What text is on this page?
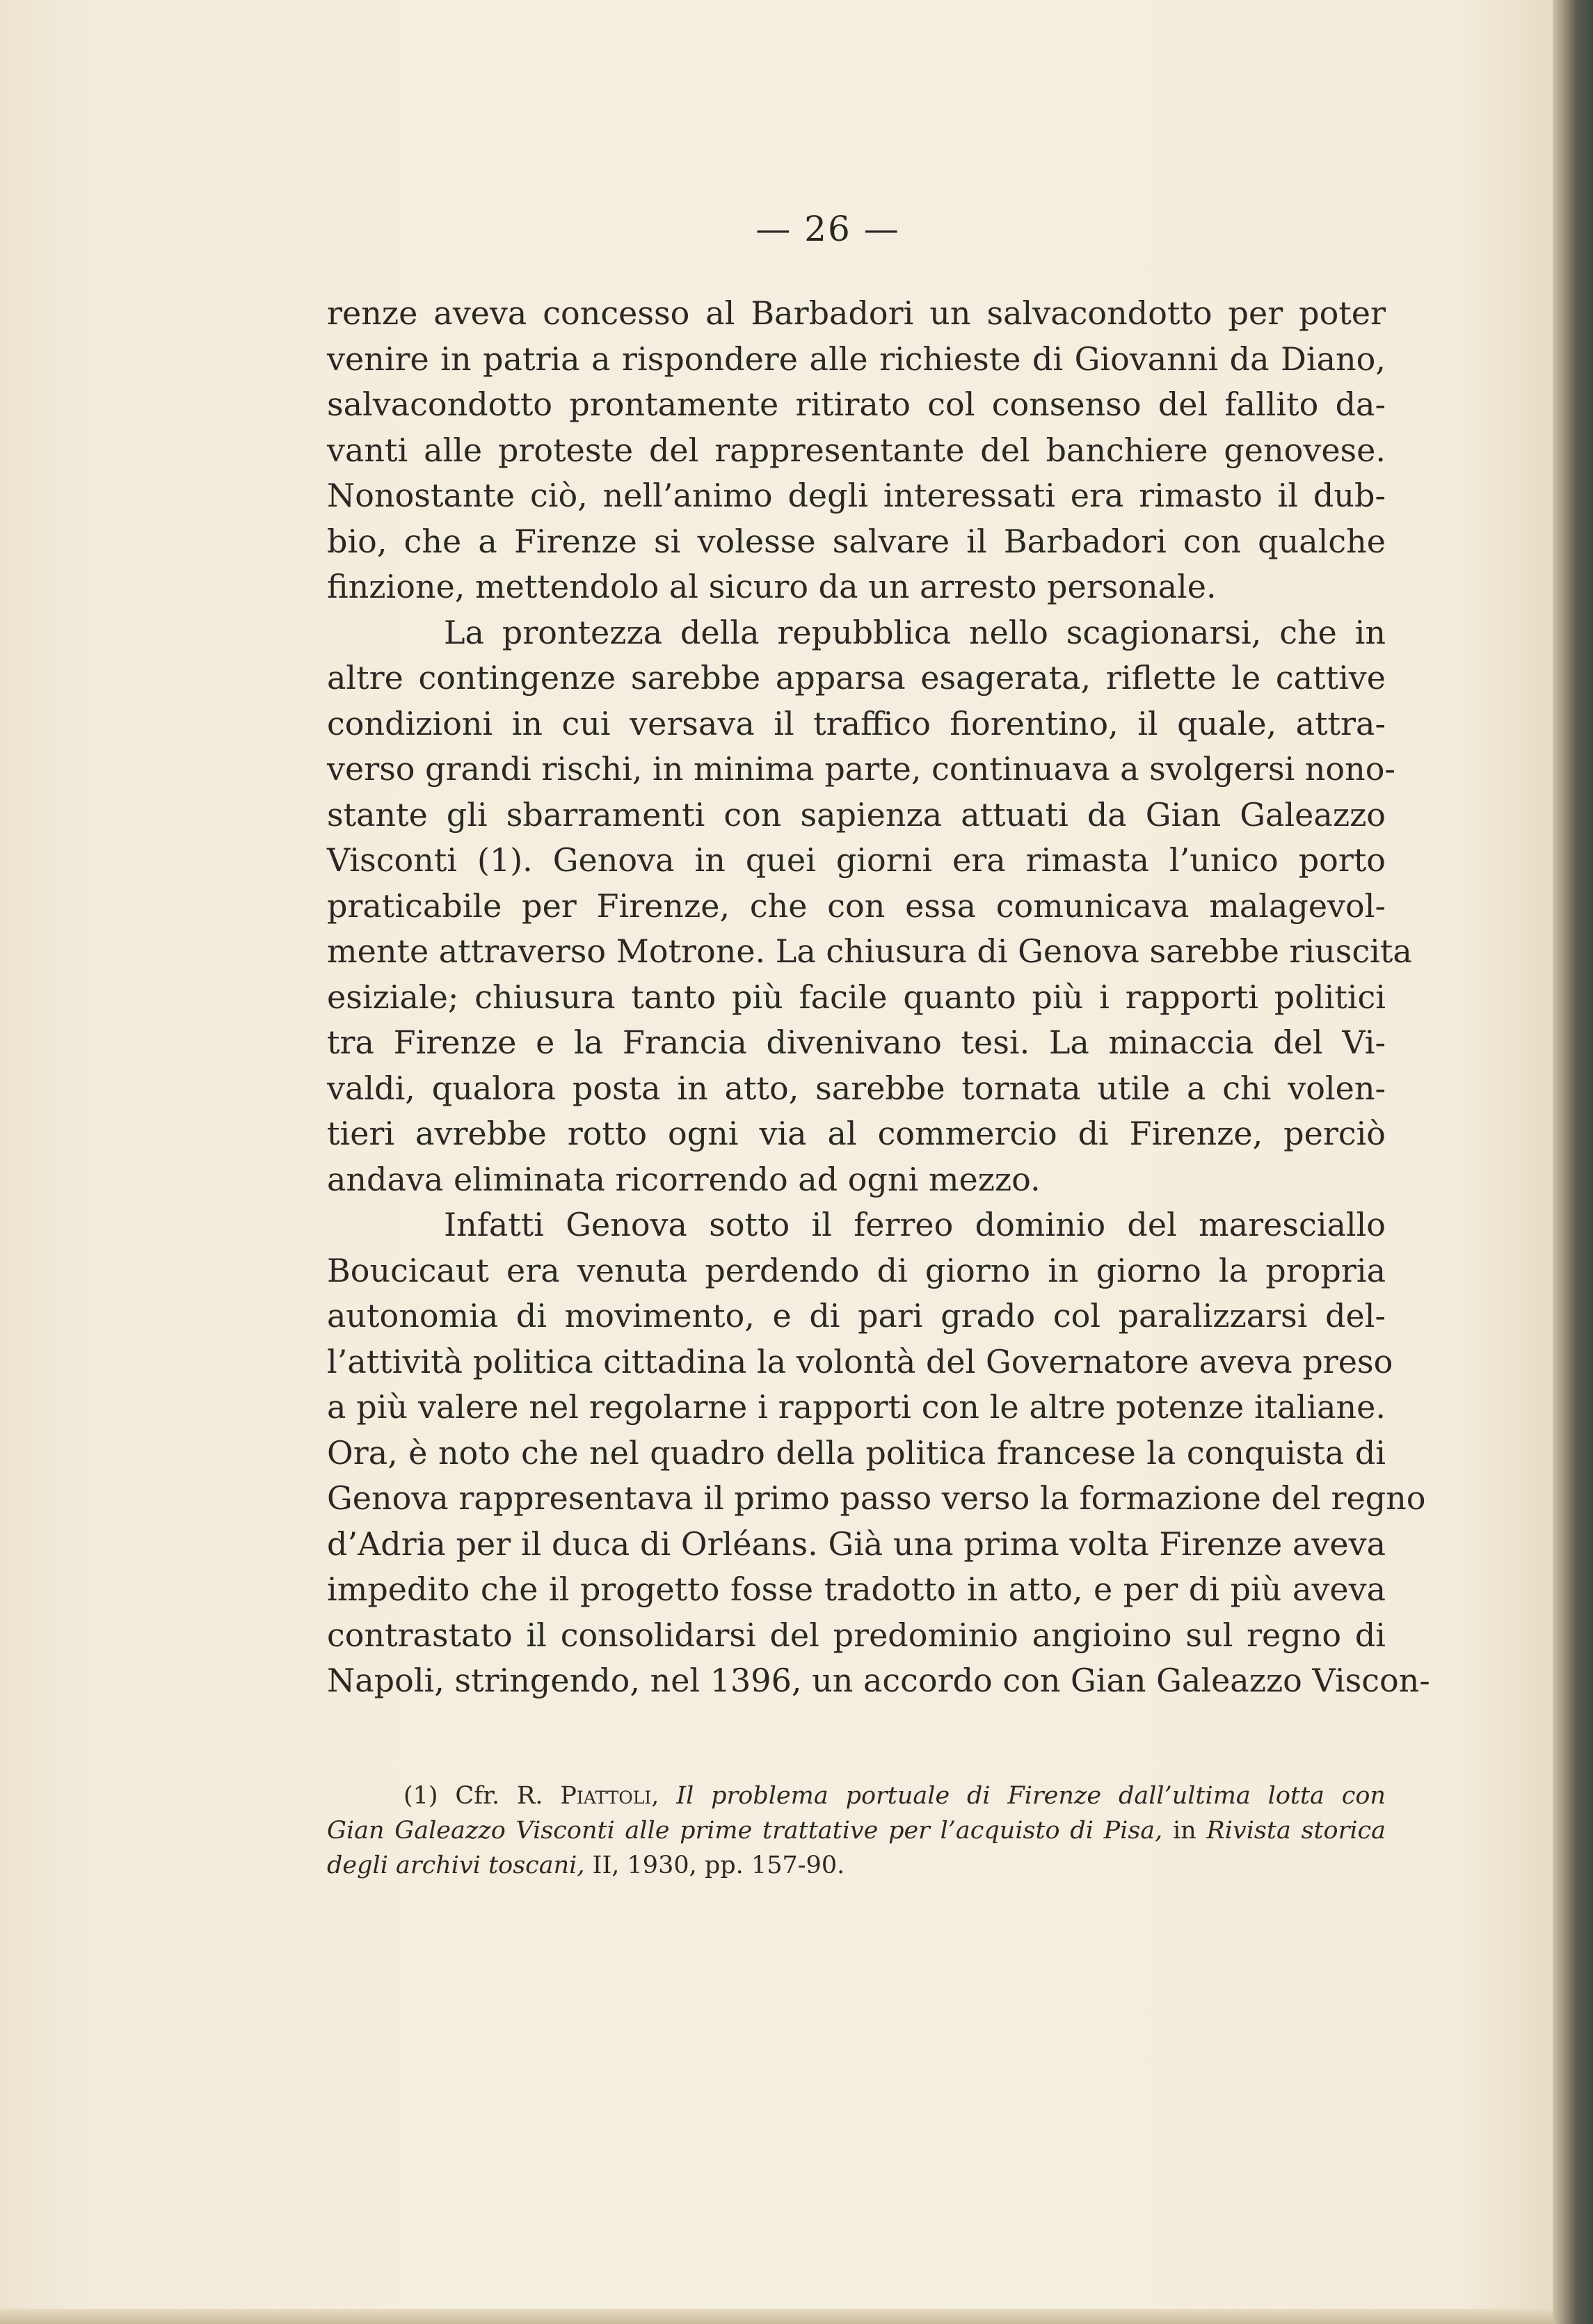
— 26 —
renze aveva concesso al Barbadori un salvacondotto per poter
venire in patria a rispondere alle richieste di Giovanni da Diano,
salvacondotto prontamente ritirato col consenso del fallito da-
vanti alle proteste del rappresentante del banchiere genovese.
Nonostante ciò, nell’animo degli interessati era rimasto il dub-
bio, che a Firenze si volesse salvare il Barbadori con qualche
finzione, mettendolo al sicuro da un arresto personale.
La prontezza della repubblica nello scagionarsi, che in
altre contingenze sarebbe apparsa esagerata, riflette le cattive
condizioni in cui versava il traffico fiorentino, il quale, attra-
verso grandi rischi, in minima parte, continuava a svolgersi nono-
stante gli sbarramenti con sapienza attuati da Gian Galeazzo
Visconti (1). Genova in quei giorni era rimasta l’unico porto
praticabile per Firenze, che con essa comunicava malagevol-
mente attraverso Motrone. La chiusura di Genova sarebbe riuscita
esiziale; chiusura tanto più facile quanto più i rapporti politici
tra Firenze e la Francia divenivano tesi. La minaccia del Vi-
valdi, qualora posta in atto, sarebbe tornata utile a chi volen-
tieri avrebbe rotto ogni via al commercio di Firenze, perciò
andava eliminata ricorrendo ad ogni mezzo.
Infatti Genova sotto il ferreo dominio del maresciallo
Boucicaut era venuta perdendo di giorno in giorno la propria
autonomia di movimento, e di pari grado col paralizzarsi del-
l’attività politica cittadina la volontà del Governatore aveva preso
a più valere nel regolarne i rapporti con le altre potenze italiane.
Ora, è noto che nel quadro della politica francese la conquista di
Genova rappresentava il primo passo verso la formazione del regno
d’Adria per il duca di Orléans. Già una prima volta Firenze aveva
impedito che il progetto fosse tradotto in atto, e per di più aveva
contrastato il consolidarsi del predominio angioino sul regno di
Napoli, stringendo, nel 1396, un accordo con Gian Galeazzo Viscon-
(1) Cfr. R. Piattoli, Il problema portuale di Firenze dall’ultima lotta con
Gian Galeazzo Visconti alle prime trattative per l’acquisto di Pisa, in Rivista storica
degli archivi toscani, II, 1930, pp. 157-90.
